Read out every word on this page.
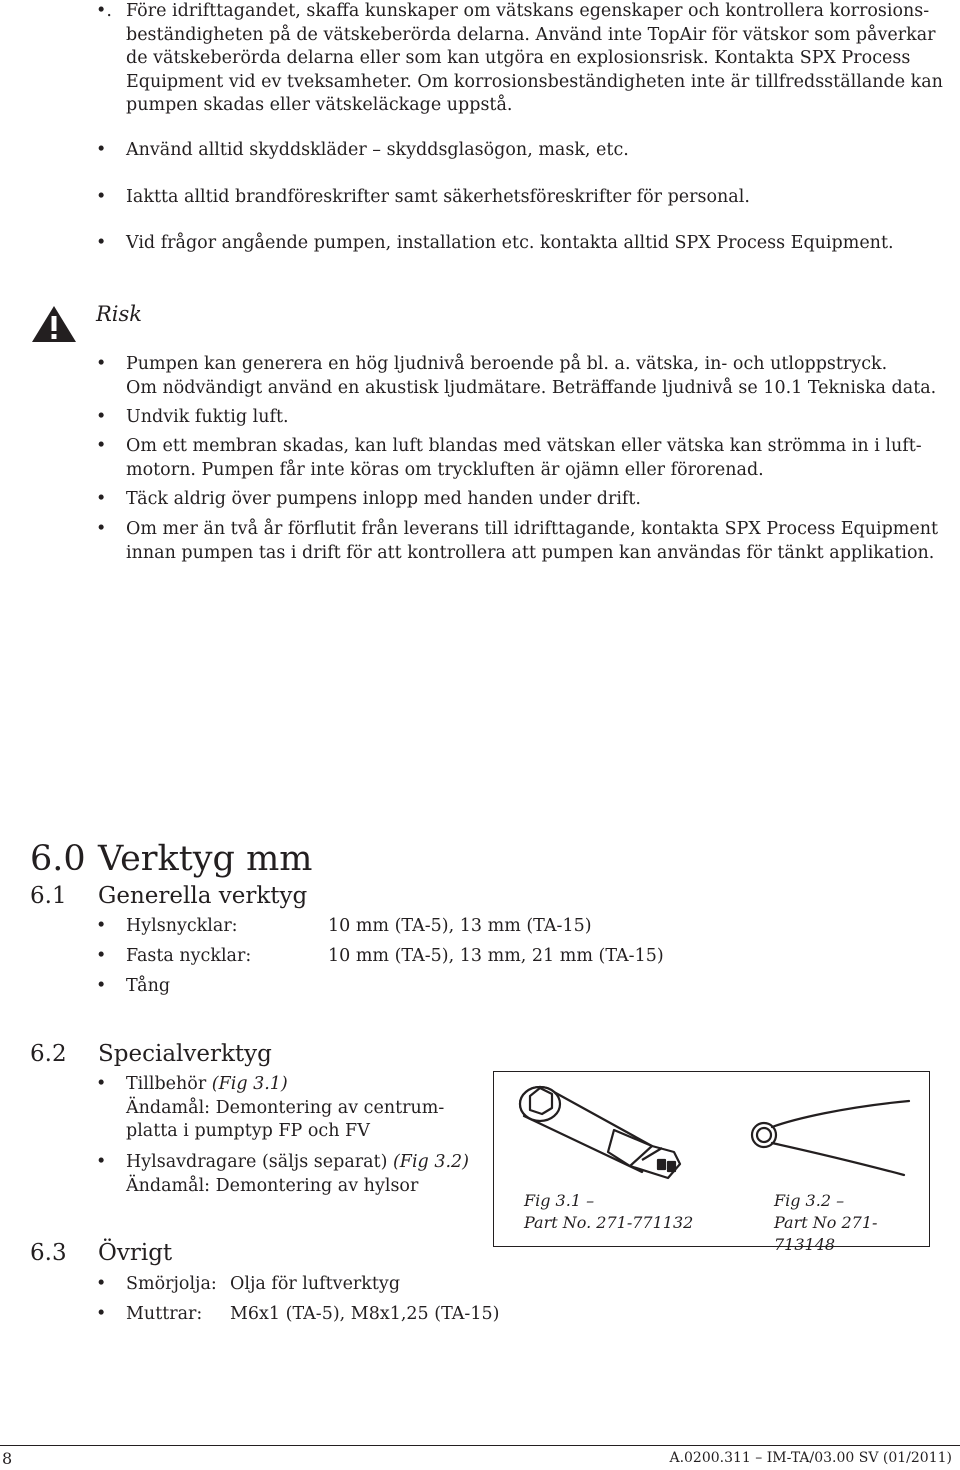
•. Före idrifttagandet, skaffa kunskaper om vätskans egenskaper och kontrollera korrosions-
beständigheten på de vätskeberörda delarna. Använd inte TopAir för vätskor som påverkar
de vätskeberörda delarna eller som kan utgöra en explosionsrisk. Kontakta SPX Process
Equipment vid ev tveksamheter. Om korrosionsbeständigheten inte är tillfredsställande kan
pumpen skadas eller vätskeläckage uppstå.
• Använd alltid skyddskläder – skyddsglasögon, mask, etc.
• Iaktta alltid brandföreskrifter samt säkerhetsföreskrifter för personal.
• Vid frågor angående pumpen, installation etc. kontakta alltid SPX Process Equipment.
Risk
• Pumpen kan generera en hög ljudnivå beroende på bl. a. vätska, in- och utloppstryck.
Om nödvändigt använd en akustisk ljudmätare. Beträffande ljudnivå se 10.1 Tekniska data.
• Undvik fuktig luft.
• Om ett membran skadas, kan luft blandas med vätskan eller vätska kan strömma in i luft-
motorn. Pumpen får inte köras om tryckluften är ojämn eller förorenad.
• Täck aldrig över pumpens inlopp med handen under drift.
• Om mer än två år förflutit från leverans till idrifttagande, kontakta SPX Process Equipment
innan pumpen tas i drift för att kontrollera att pumpen kan användas för tänkt applikation.
6.0 Verktyg mm
6.1 Generella verktyg
• Hylsnycklar:	10 mm (TA-5), 13 mm (TA-15)
• Fasta nycklar:	10 mm (TA-5), 13 mm, 21 mm (TA-15)
• Tång
6.2 Specialverktyg
• Tillbehör (Fig 3.1)
Ändamål: Demontering av centrum-
platta i pumptyp FP och FV
• Hylsavdragare (säljs separat) (Fig 3.2)
Ändamål: Demontering av hylsor
Fig 3.1 –
Part No. 271-771132
Fig 3.2 –
Part No 271-713148
6.3 Övrigt
• Smörjolja: Olja för luftverktyg
• Muttrar: M6x1 (TA-5), M8x1,25 (TA-15)
8	A.0200.311 – IM-TA/03.00 SV (01/2011)
